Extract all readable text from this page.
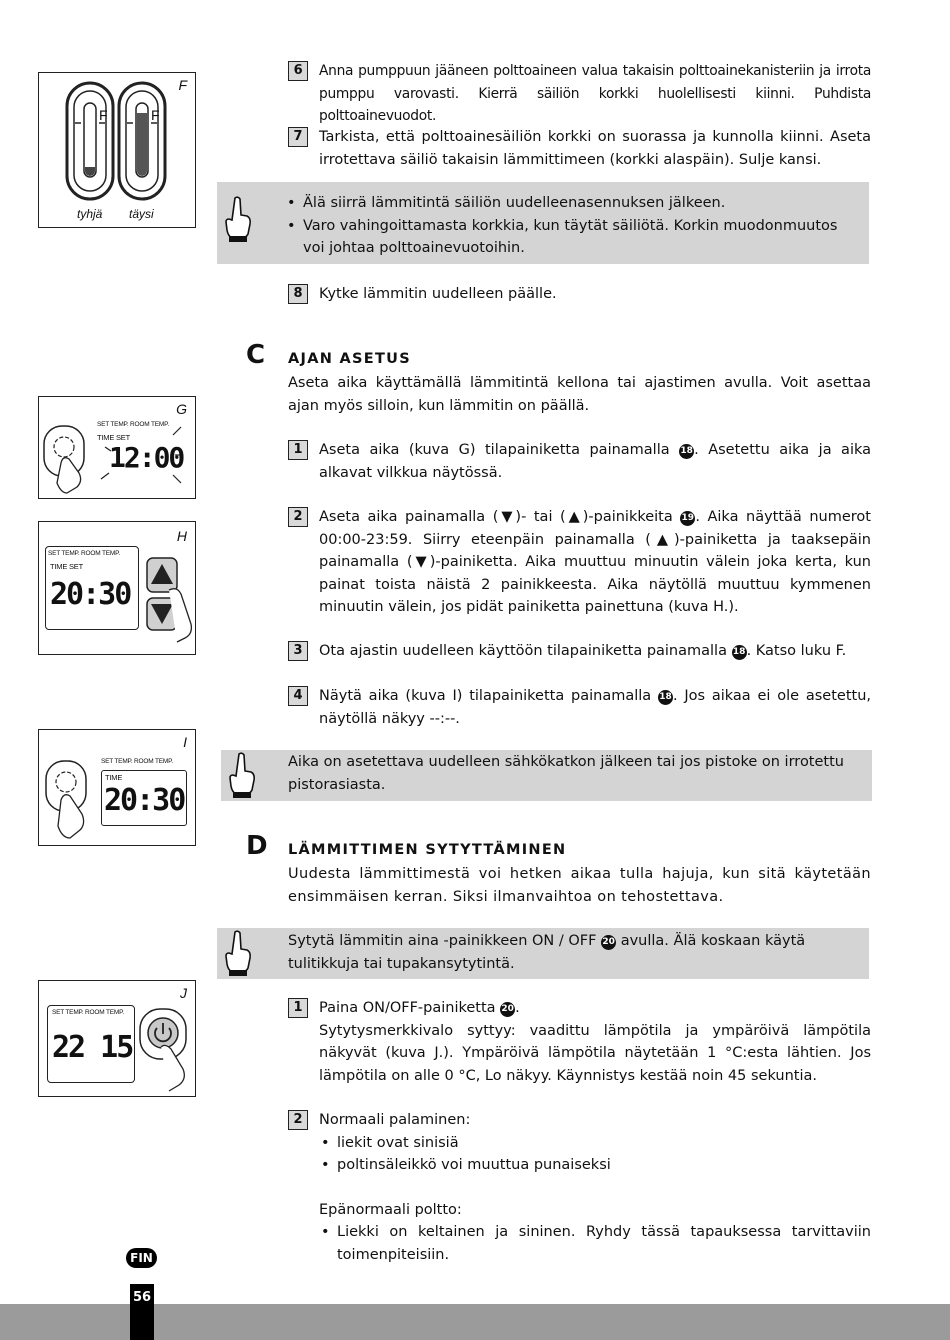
F
F	F
tyhjä täysi
G
SET TEMP. ROOM TEMP.
TIME SET
12:00
H
SET TEMP. ROOM TEMP.
TIME SET
20:30
I
SET TEMP. ROOM TEMP.
TIME
20:30
J
SET TEMP. ROOM TEMP.
22 15
6	Anna pumppuun jääneen polttoaineen valua takaisin polttoainekanisteriin ja irrota pumppu varovasti. Kierrä säiliön korkki huolellisesti kiinni. Puhdista polttoainevuodot.
7	Tarkista, että polttoainesäiliön korkki on suorassa ja kunnolla kiinni. Aseta irrotettava säiliö takaisin lämmittimeen (korkki alaspäin). Sulje kansi.
• Älä siirrä lämmitintä säiliön uudelleenasennuksen jälkeen.
• Varo vahingoittamasta korkkia, kun täytät säiliötä. Korkin muodonmuutos voi johtaa polttoainevuotoihin.
8	Kytke lämmitin uudelleen päälle.
C AJAN ASETUS
Aseta aika käyttämällä lämmitintä kellona tai ajastimen avulla. Voit asettaa ajan myös silloin, kun lämmitin on päällä.
1	Aseta aika (kuva G) tilapainiketta painamalla 18. Asetettu aika ja aika alkavat vilkkua näytössä.
2	Aseta aika painamalla (▼)- tai (▲)-painikkeita 19. Aika näyttää numerot 00:00-23:59. Siirry eteenpäin painamalla (▲)-painiketta ja taaksepäin painamalla (▼)-painiketta. Aika muuttuu minuutin välein joka kerta, kun painat toista näistä 2 painikkeesta. Aika näytöllä muuttuu kymmenen minuutin välein, jos pidät painiketta painettuna (kuva H.).
3	Ota ajastin uudelleen käyttöön tilapainiketta painamalla 18. Katso luku F.
4	Näytä aika (kuva I) tilapainiketta painamalla 18. Jos aikaa ei ole asetettu, näytöllä näkyy --:--.
Aika on asetettava uudelleen sähkökatkon jälkeen tai jos pistoke on irrotettu pistorasiasta.
D LÄMMITTIMEN SYTYTTÄMINEN
Uudesta lämmittimestä voi hetken aikaa tulla hajuja, kun sitä käytetään ensimmäisen kerran. Siksi ilmanvaihtoa on tehostettava.
Sytytä lämmitin aina -painikkeen ON / OFF 20 avulla. Älä koskaan käytä tulitikkuja tai tupakansytytintä.
1	Paina ON/OFF-painiketta 20.
Sytytysmerkkivalo syttyy: vaadittu lämpötila ja ympäröivä lämpötila näkyvät (kuva J.). Ympäröivä lämpötila näytetään 1 °C:esta lähtien. Jos lämpötila on alle 0 °C, Lo näkyy. Käynnistys kestää noin 45 sekuntia.
2	Normaali palaminen:
• liekit ovat sinisiä
• poltinsäleikkö voi muuttua punaiseksi
Epänormaali poltto:
• Liekki on keltainen ja sininen. Ryhdy tässä tapauksessa tarvittaviin toimenpiteisiin.
FIN
56
